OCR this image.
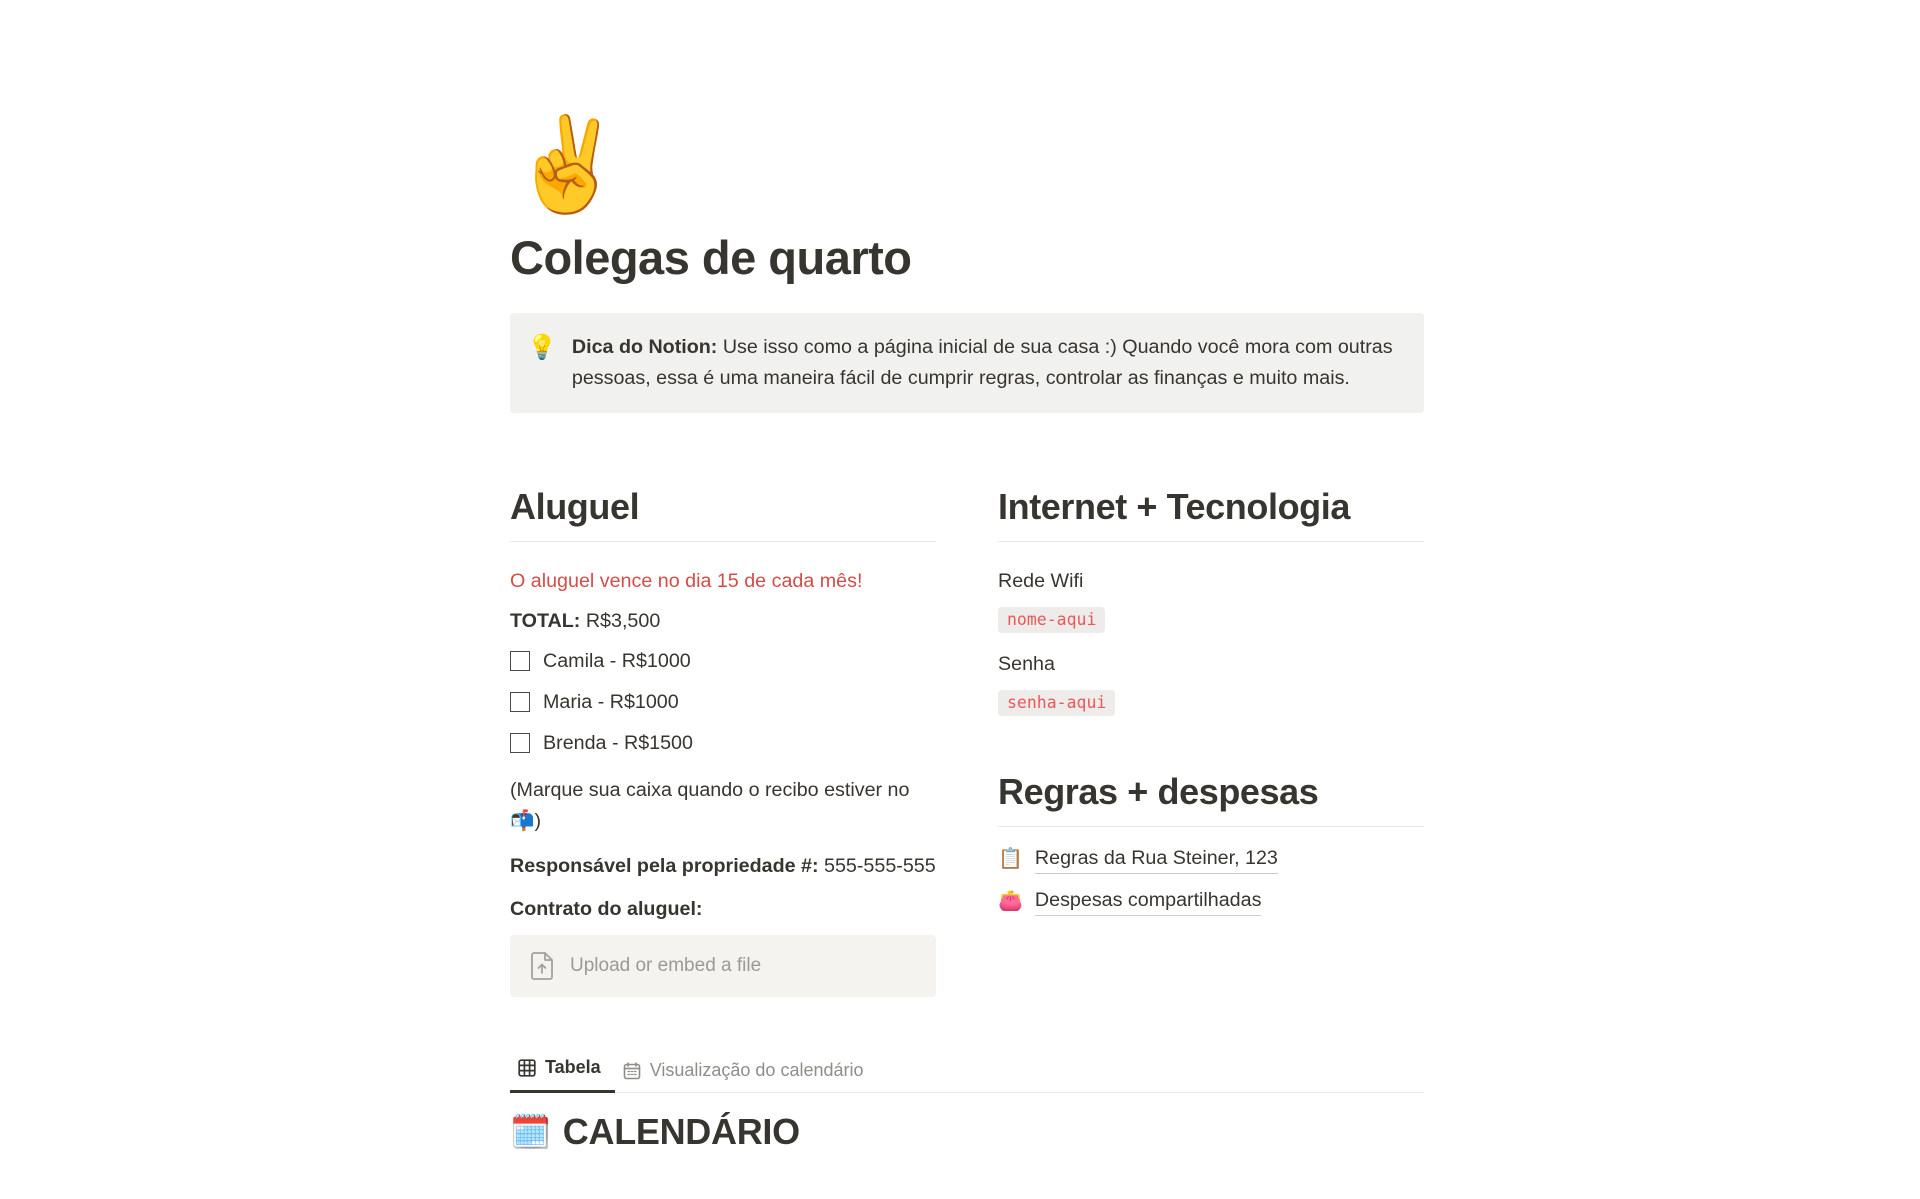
✌️
Colegas de quarto
💡 Dica do Notion: Use isso como a página inicial de sua casa :) Quando você mora com outras pessoas, essa é uma maneira fácil de cumprir regras, controlar as finanças e muito mais.
Aluguel
O aluguel vence no dia 15 de cada mês!
TOTAL: R$3,500
Camila - R$1000
Maria - R$1000
Brenda - R$1500
(Marque sua caixa quando o recibo estiver no 📬)
Responsável pela propriedade #: 555-555-555
Contrato do aluguel:
Upload or embed a file
Internet + Tecnologia
Rede Wifi
nome-aqui
Senha
senha-aqui
Regras + despesas
📋 Regras da Rua Steiner, 123
👛 Despesas compartilhadas
Tabela	Visualização do calendário
🗓️ CALENDÁRIO
